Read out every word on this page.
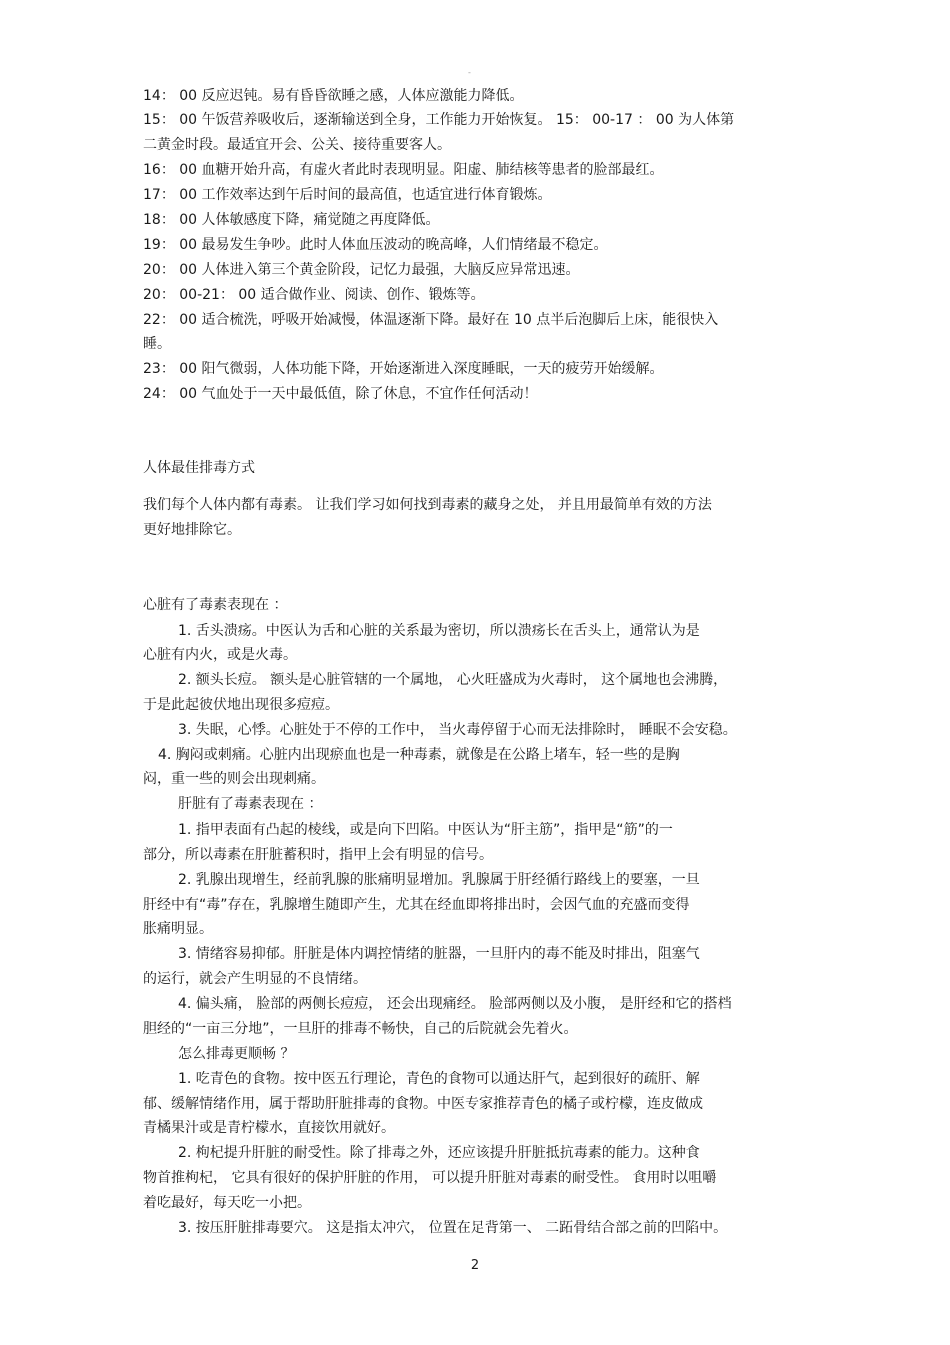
-
14： 00 反应迟钝。易有昏昏欲睡之感，人体应激能力降低。
15： 00 午饭营养吸收后，逐渐输送到全身，工作能力开始恢复。 15： 00-17 ： 00 为人体第
二黄金时段。最适宜开会、公关、接待重要客人。
16： 00 血糖开始升高，有虚火者此时表现明显。阳虚、肺结核等患者的脸部最红。
17： 00 工作效率达到午后时间的最高值，也适宜进行体育锻炼。
18： 00 人体敏感度下降，痛觉随之再度降低。
19： 00 最易发生争吵。此时人体血压波动的晚高峰，人们情绪最不稳定。
20： 00 人体进入第三个黄金阶段，记忆力最强，大脑反应异常迅速。
20： 00-21： 00 适合做作业、阅读、创作、锻炼等。
22： 00 适合梳洗，呼吸开始减慢，体温逐渐下降。最好在 10 点半后泡脚后上床，能很快入
睡。
23： 00 阳气微弱，人体功能下降，开始逐渐进入深度睡眠，一天的疲劳开始缓解。
24： 00 气血处于一天中最低值，除了休息，不宜作任何活动！
人体最佳排毒方式
我们每个人体内都有毒素。 让我们学习如何找到毒素的藏身之处， 并且用最简单有效的方法
更好地排除它。
心脏有了毒素表现在 ：
1. 舌头溃疡。中医认为舌和心脏的关系最为密切，所以溃疡长在舌头上，通常认为是
心脏有内火，或是火毒。
2. 额头长痘。 额头是心脏管辖的一个属地， 心火旺盛成为火毒时， 这个属地也会沸腾，
于是此起彼伏地出现很多痘痘。
3. 失眠，心悸。心脏处于不停的工作中， 当火毒停留于心而无法排除时， 睡眠不会安稳。
4. 胸闷或刺痛。心脏内出现瘀血也是一种毒素，就像是在公路上堵车，轻一些的是胸
闷，重一些的则会出现刺痛。
肝脏有了毒素表现在 ：
1. 指甲表面有凸起的棱线，或是向下凹陷。中医认为“肝主筋”，指甲是“筋”的一
部分，所以毒素在肝脏蓄积时，指甲上会有明显的信号。
2. 乳腺出现增生，经前乳腺的胀痛明显增加。乳腺属于肝经循行路线上的要塞，一旦
肝经中有“毒”存在，乳腺增生随即产生，尤其在经血即将排出时，会因气血的充盛而变得
胀痛明显。
3. 情绪容易抑郁。肝脏是体内调控情绪的脏器，一旦肝内的毒不能及时排出，阻塞气
的运行，就会产生明显的不良情绪。
4. 偏头痛， 脸部的两侧长痘痘， 还会出现痛经。 脸部两侧以及小腹， 是肝经和它的搭档
胆经的“一亩三分地”，一旦肝的排毒不畅快，自己的后院就会先着火。
怎么排毒更顺畅 ？
1. 吃青色的食物。按中医五行理论，青色的食物可以通达肝气，起到很好的疏肝、解
郁、缓解情绪作用，属于帮助肝脏排毒的食物。中医专家推荐青色的橘子或柠檬，连皮做成
青橘果汁或是青柠檬水，直接饮用就好。
2. 枸杞提升肝脏的耐受性。除了排毒之外，还应该提升肝脏抵抗毒素的能力。这种食
物首推枸杞， 它具有很好的保护肝脏的作用， 可以提升肝脏对毒素的耐受性。 食用时以咀嚼
着吃最好，每天吃一小把。
3. 按压肝脏排毒要穴。 这是指太冲穴， 位置在足背第一、 二跖骨结合部之前的凹陷中。
2
